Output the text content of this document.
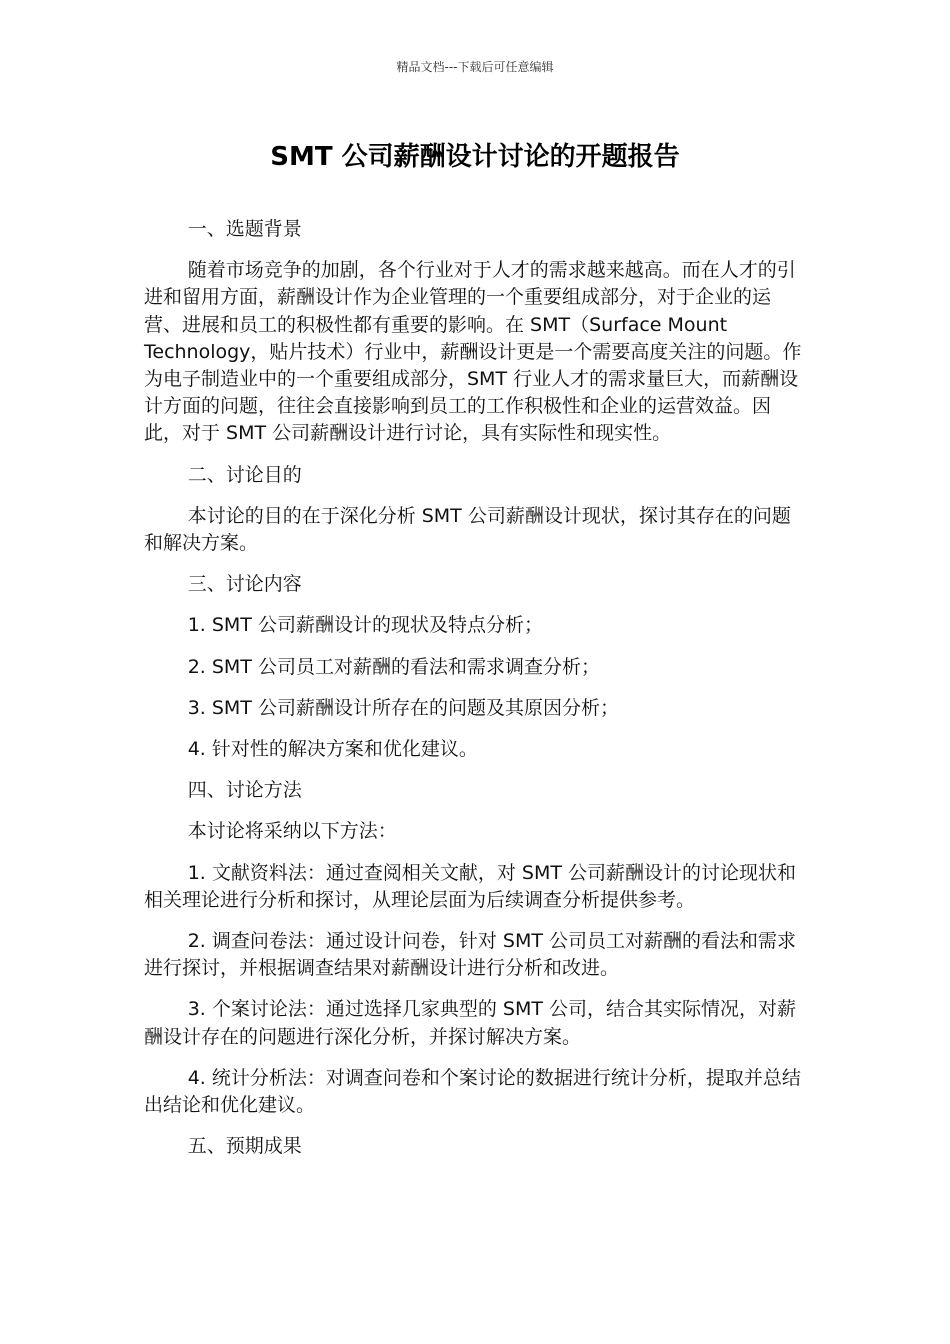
精品文档---下载后可任意编辑
SMT 公司薪酬设计讨论的开题报告

一、选题背景

随着市场竞争的加剧，各个行业对于人才的需求越来越高。而在人才的引进和留用方面，薪酬设计作为企业管理的一个重要组成部分，对于企业的运营、进展和员工的积极性都有重要的影响。在 SMT（Surface Mount Technology，贴片技术）行业中，薪酬设计更是一个需要高度关注的问题。作为电子制造业中的一个重要组成部分，SMT 行业人才的需求量巨大，而薪酬设计方面的问题，往往会直接影响到员工的工作积极性和企业的运营效益。因此，对于 SMT 公司薪酬设计进行讨论，具有实际性和现实性。

二、讨论目的

本讨论的目的在于深化分析 SMT 公司薪酬设计现状，探讨其存在的问题和解决方案。

三、讨论内容

1. SMT 公司薪酬设计的现状及特点分析；

2. SMT 公司员工对薪酬的看法和需求调查分析；

3. SMT 公司薪酬设计所存在的问题及其原因分析；

4. 针对性的解决方案和优化建议。

四、讨论方法

本讨论将采纳以下方法：

1. 文献资料法：通过查阅相关文献，对 SMT 公司薪酬设计的讨论现状和相关理论进行分析和探讨，从理论层面为后续调查分析提供参考。

2. 调查问卷法：通过设计问卷，针对 SMT 公司员工对薪酬的看法和需求进行探讨，并根据调查结果对薪酬设计进行分析和改进。

3. 个案讨论法：通过选择几家典型的 SMT 公司，结合其实际情况，对薪酬设计存在的问题进行深化分析，并探讨解决方案。

4. 统计分析法：对调查问卷和个案讨论的数据进行统计分析，提取并总结出结论和优化建议。

五、预期成果
